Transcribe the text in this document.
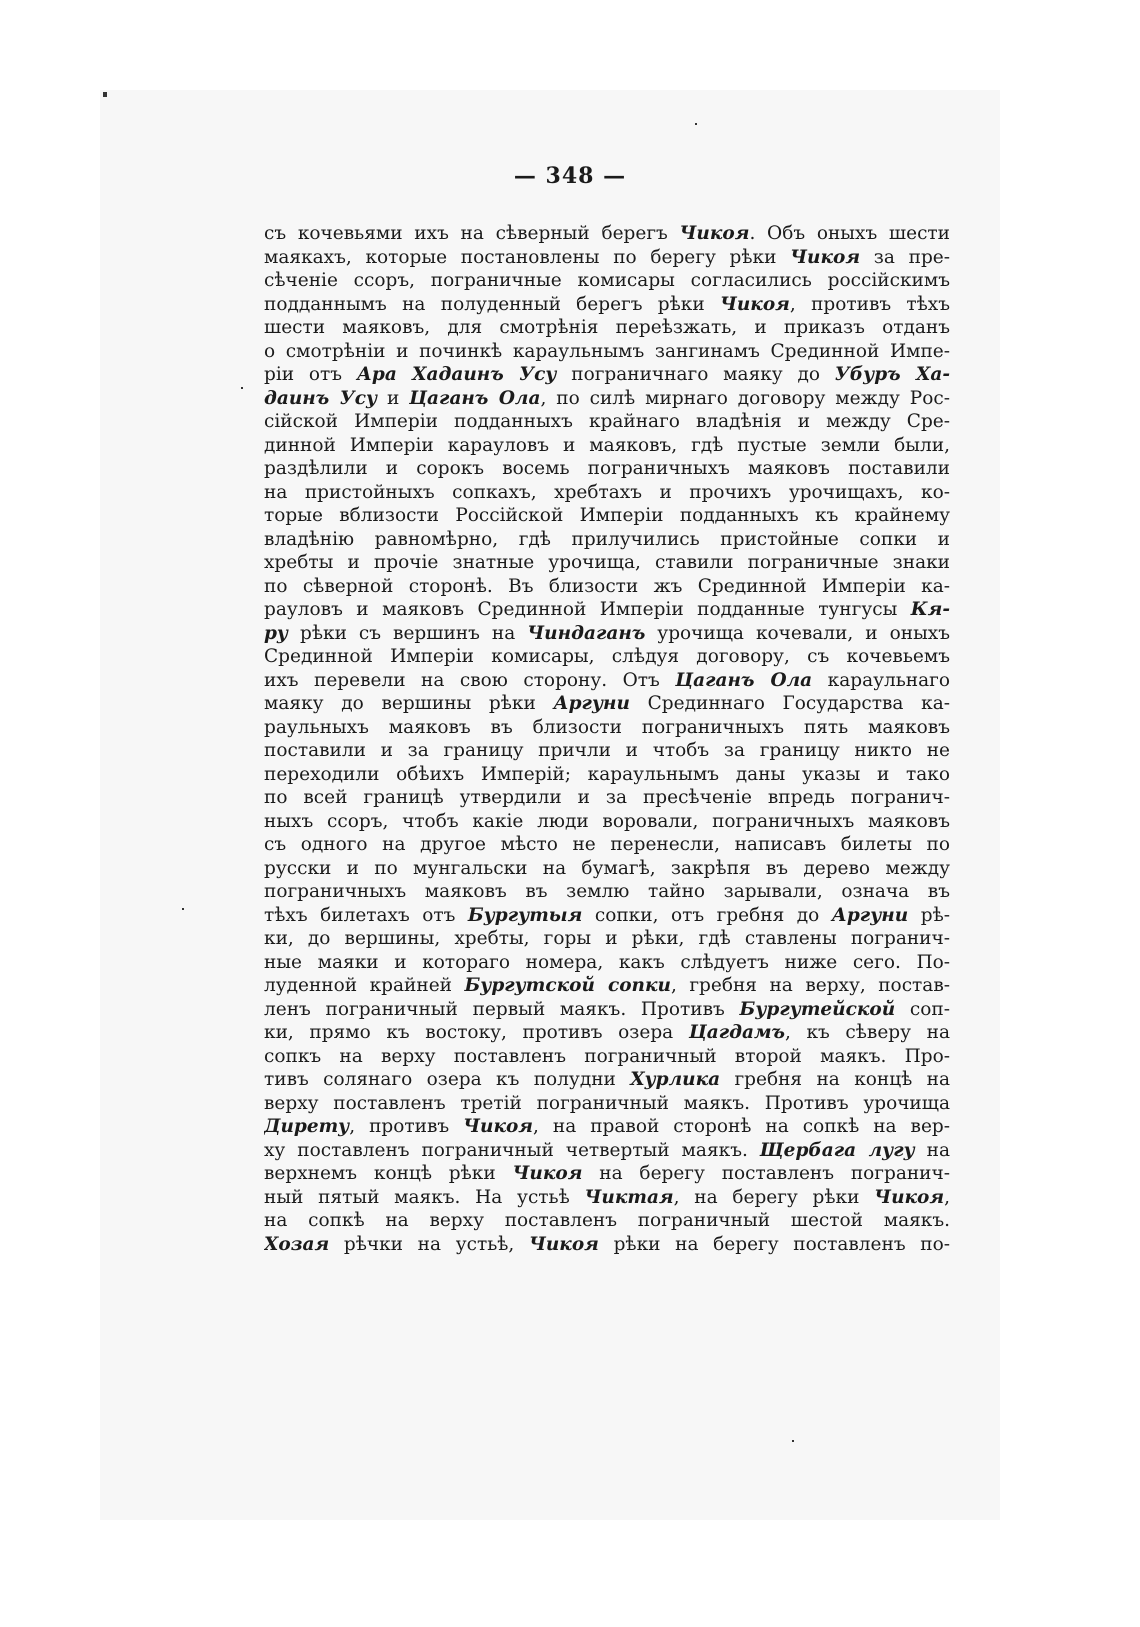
— 348 —
съ кочевьями ихъ на сѣверный берегъ Чикоя. Объ оныхъ шести
маякахъ, которые постановлены по берегу рѣки Чикоя за пре-
сѣченіе ссоръ, пограничные комисары согласились россійскимъ
подданнымъ на полуденный берегъ рѣки Чикоя, противъ тѣхъ
шести маяковъ, для смотрѣнія переѣзжать, и приказъ отданъ
о смотрѣніи и починкѣ караульнымъ зангинамъ Срединной Импе-
ріи отъ Ара Хадаинъ Усу пограничнаго маяку до Убуръ Ха-
даинъ Усу и Цаганъ Ола, по силѣ мирнаго договору между Рос-
сійской Имперіи подданныхъ крайнаго владѣнія и между Сре-
динной Имперіи карауловъ и маяковъ, гдѣ пустые земли были,
раздѣлили и сорокъ восемь пограничныхъ маяковъ поставили
на пристойныхъ сопкахъ, хребтахъ и прочихъ урочищахъ, ко-
торые вблизости Россійской Имперіи подданныхъ къ крайнему
владѣнію равномѣрно, гдѣ прилучились пристойные сопки и
хребты и прочіе знатные урочища, ставили пограничные знаки
по сѣверной сторонѣ. Въ близости жъ Срединной Имперіи ка-
рауловъ и маяковъ Срединной Имперіи подданные тунгусы Кя-
ру рѣки съ вершинъ на Чиндаганъ урочища кочевали, и оныхъ
Срединной Имперіи комисары, слѣдуя договору, съ кочевьемъ
ихъ перевели на свою сторону. Отъ Цаганъ Ола караульнаго
маяку до вершины рѣки Аргуни Срединнаго Государства ка-
раульныхъ маяковъ въ близости пограничныхъ пять маяковъ
поставили и за границу причли и чтобъ за границу никто не
переходили обѣихъ Имперій; караульнымъ даны указы и тако
по всей границѣ утвердили и за пресѣченіе впредь погранич-
ныхъ ссоръ, чтобъ какіе люди воровали, пограничныхъ маяковъ
съ одного на другое мѣсто не перенесли, написавъ билеты по
русски и по мунгальски на бумагѣ, закрѣпя въ дерево между
пограничныхъ маяковъ въ землю тайно зарывали, означа въ
тѣхъ билетахъ отъ Бургутыя сопки, отъ гребня до Аргуни рѣ-
ки, до вершины, хребты, горы и рѣки, гдѣ ставлены погранич-
ные маяки и котораго номера, какъ слѣдуетъ ниже сего. По-
луденной крайней Бургутской сопки, гребня на верху, постав-
ленъ пограничный первый маякъ. Противъ Бургутейской соп-
ки, прямо къ востоку, противъ озера Цагдамъ, къ сѣверу на
сопкъ на верху поставленъ пограничный второй маякъ. Про-
тивъ солянаго озера къ полудни Хурлика гребня на концѣ на
верху поставленъ третій пограничный маякъ. Противъ урочища
Дирету, противъ Чикоя, на правой сторонѣ на сопкѣ на вер-
ху поставленъ пограничный четвертый маякъ. Щербага лугу на
верхнемъ концѣ рѣки Чикоя на берегу поставленъ погранич-
ный пятый маякъ. На устьѣ Чиктая, на берегу рѣки Чикоя,
на сопкѣ на верху поставленъ пограничный шестой маякъ.
Хозая рѣчки на устьѣ, Чикоя рѣки на берегу поставленъ по-
